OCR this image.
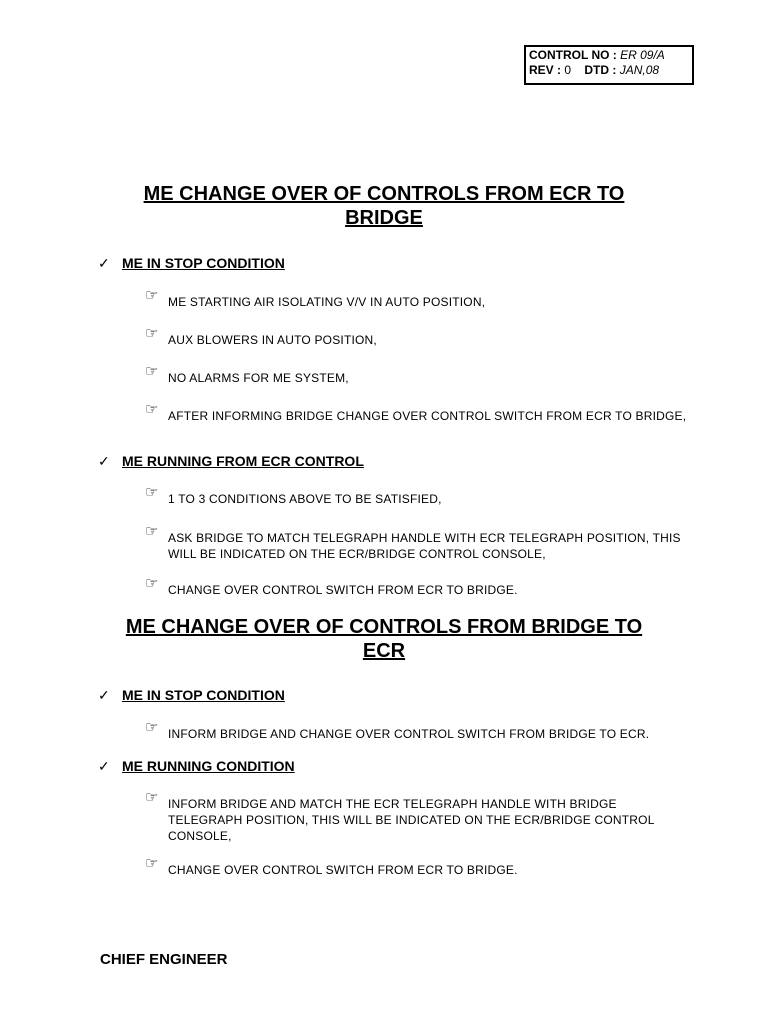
CONTROL NO : ER 09/A
REV : 0 DTD : JAN,08
ME CHANGE OVER OF CONTROLS FROM ECR TO
BRIDGE
✓ ME IN STOP CONDITION
☞ ME STARTING AIR ISOLATING V/V IN AUTO POSITION,
☞ AUX BLOWERS IN AUTO POSITION,
☞ NO ALARMS FOR ME SYSTEM,
☞ AFTER INFORMING BRIDGE CHANGE OVER CONTROL SWITCH FROM ECR TO BRIDGE,
✓ ME RUNNING FROM ECR CONTROL
☞ 1 TO 3 CONDITIONS ABOVE TO BE SATISFIED,
☞ ASK BRIDGE TO MATCH TELEGRAPH HANDLE WITH ECR TELEGRAPH POSITION, THIS WILL BE INDICATED ON THE ECR/BRIDGE CONTROL CONSOLE,
☞ CHANGE OVER CONTROL SWITCH FROM ECR TO BRIDGE.
ME CHANGE OVER OF CONTROLS FROM BRIDGE TO
ECR
✓ ME IN STOP CONDITION
☞ INFORM BRIDGE AND CHANGE OVER CONTROL SWITCH FROM BRIDGE TO ECR.
✓ ME RUNNING CONDITION
☞ INFORM BRIDGE AND MATCH THE ECR TELEGRAPH HANDLE WITH BRIDGE TELEGRAPH POSITION, THIS WILL BE INDICATED ON THE ECR/BRIDGE CONTROL CONSOLE,
☞ CHANGE OVER CONTROL SWITCH FROM ECR TO BRIDGE.
CHIEF ENGINEER
